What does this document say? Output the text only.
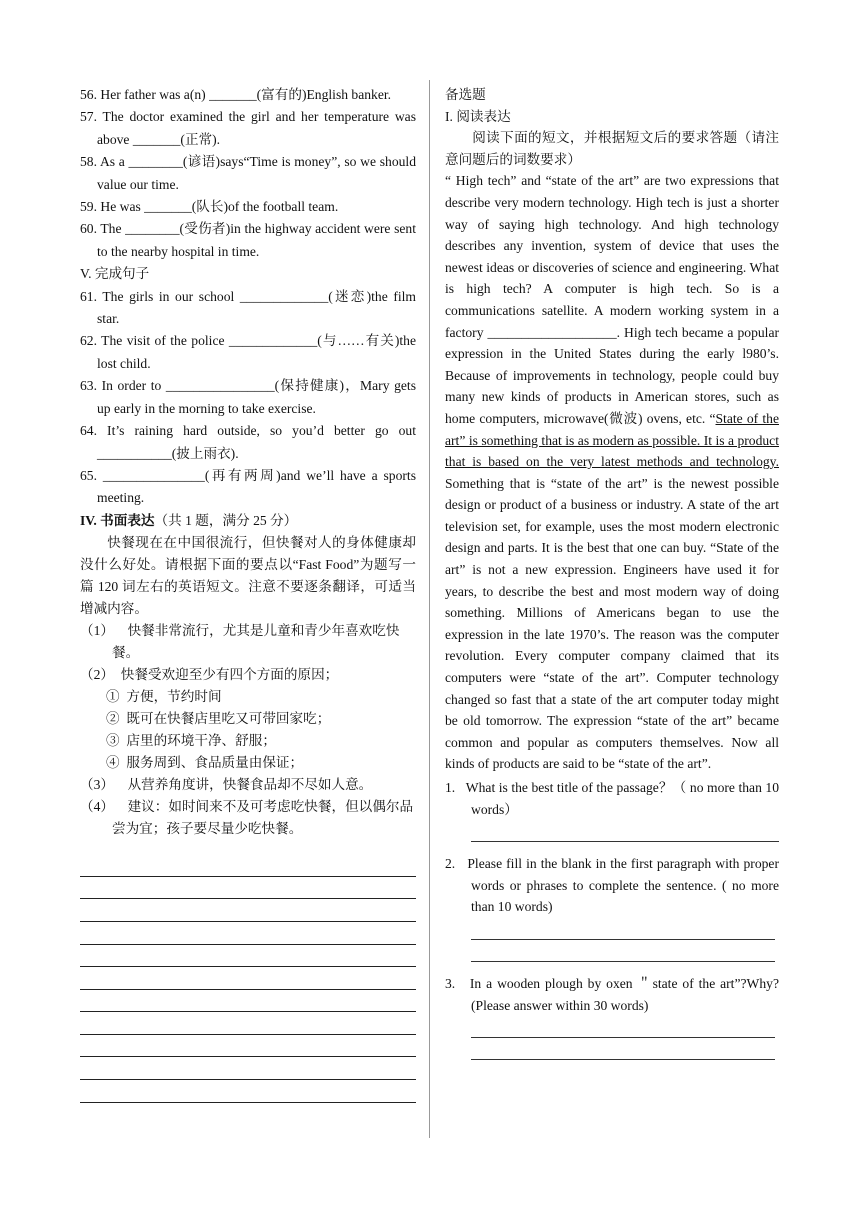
56. Her father was a(n) _______(富有的)English banker.

57. The doctor examined the girl and her temperature was above _______(正常).

58. As a ________(谚语)says“Time is money”, so we should value our time.

59. He was _______(队长)of the football team.

60. The ________(受伤者)in the highway accident were sent to the nearby hospital in time.

V. 完成句子

61. The girls in our school _____________(迷恋)the film star.

62. The visit of the police _____________(与……有关)the lost child.

63. In order to ________________(保持健康)，Mary gets up early in the morning to take exercise.

64. It’s raining hard outside, so you’d better go out ___________(披上雨衣).

65. _______________(再有两周)and we’ll have a sports meeting.

IV. 书面表达（共 1 题，满分 25 分）

快餐现在在中国很流行，但快餐对人的身体健康却没什么好处。请根据下面的要点以“Fast Food”为题写一篇 120 词左右的英语短文。注意不要逐条翻译，可适当增减内容。

（1） 快餐非常流行，尤其是儿童和青少年喜欢吃快餐。

（2） 快餐受欢迎至少有四个方面的原因；

① 方便，节约时间

② 既可在快餐店里吃又可带回家吃；

③ 店里的环境干净、舒服；

④ 服务周到、食品质量由保证；

（3） 从营养角度讲，快餐食品却不尽如人意。

（4） 建议：如时间来不及可考虑吃快餐，但以偶尔品尝为宜；孩子要尽量少吃快餐。

备选题

I. 阅读表达

阅读下面的短文，并根据短文后的要求答题（请注意问题后的词数要求）

“ High tech” and “state of the art” are two expressions that describe very modern technology. High tech is just a shorter way of saying high technology. And high technology describes any invention, system of device that uses the newest ideas or discoveries of science and engineering. What is high tech? A computer is high tech. So is a communications satellite. A modern working system in a factory ___________________. High tech became a popular expression in the United States during the early l980’s. Because of improvements in technology, people could buy many new kinds of products in American stores, such as home computers, microwave(微波) ovens, etc. “State of the art” is something that is as modern as possible. It is a product that is based on the very latest methods and technology. Something that is “state of the art” is the newest possible design or product of a business or industry. A state of the art television set, for example, uses the most modern electronic design and parts. It is the best that one can buy. “State of the art” is not a new expression. Engineers have used it for years, to describe the best and most modern way of doing something. Millions of Americans began to use the expression in the late 1970’s. The reason was the computer revolution. Every computer company claimed that its computers were “state of the art”. Computer technology changed so fast that a state of the art computer today might be old tomorrow. The expression “state of the art” became common and popular as computers themselves. Now all kinds of products are said to be “state of the art”.

1. What is the best title of the passage？（ no more than 10 words）

2. Please fill in the blank in the first paragraph with proper words or phrases to complete the sentence. ( no more than 10 words)

3. In a wooden plough by oxen ＂state of the art”?Why?(Please answer within 30 words)
